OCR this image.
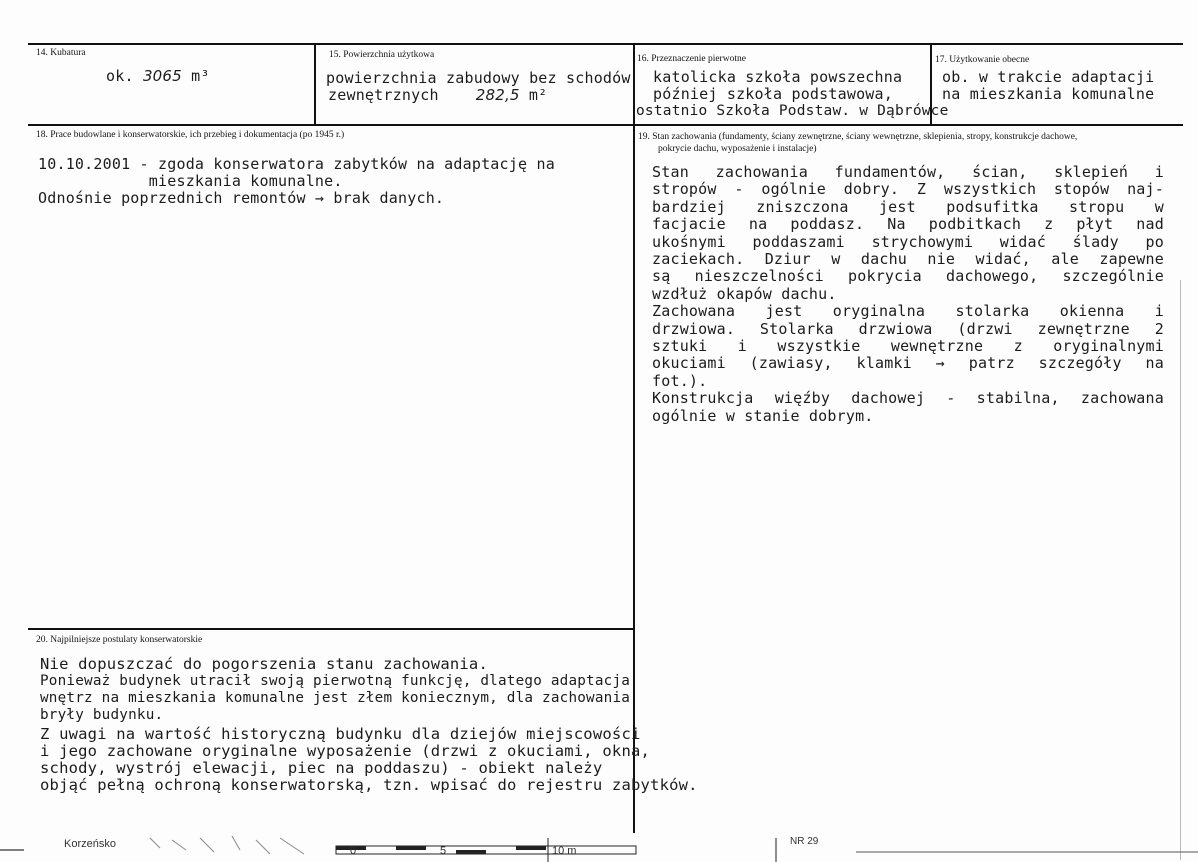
14. Kubatura
ok. 3065 m³
15. Powierzchnia użytkowa
powierzchnia zabudowy bez schodów
zewnętrznych 282,5 m²
16. Przeznaczenie pierwotne
katolicka szkoła powszechna
później szkoła podstawowa,
ostatnio Szkoła Podstaw. w Dąbrówce
17. Użytkowanie obecne
ob. w trakcie adaptacji
na mieszkania komunalne
18. Prace budowlane i konserwatorskie, ich przebieg i dokumentacja (po 1945 r.)
10.10.2001 - zgoda konserwatora zabytków na adaptację na
mieszkania komunalne.
Odnośnie poprzednich remontów → brak danych.
19. Stan zachowania (fundamenty, ściany zewnętrzne, ściany wewnętrzne, sklepienia, stropy, konstrukcje dachowe,
pokrycie dachu, wyposażenie i instalacje)
Stan zachowania fundamentów, ścian, sklepień i
stropów - ogólnie dobry. Z wszystkich stopów naj-
bardziej zniszczona jest podsufitka stropu w
facjacie na poddasz. Na podbitkach z płyt nad
ukośnymi poddaszami strychowymi widać ślady po
zaciekach. Dziur w dachu nie widać, ale zapewne
są nieszczelności pokrycia dachowego, szczególnie
wzdłuż okapów dachu.
Zachowana jest oryginalna stolarka okienna i
drzwiowa. Stolarka drzwiowa (drzwi zewnętrzne 2
sztuki i wszystkie wewnętrzne z oryginalnymi
okuciami (zawiasy, klamki → patrz szczegóły na
fot.).
Konstrukcja więźby dachowej - stabilna, zachowana
ogólnie w stanie dobrym.
20. Najpilniejsze postulaty konserwatorskie
Nie dopuszczać do pogorszenia stanu zachowania.
Ponieważ budynek utracił swoją pierwotną funkcję, dlatego adaptacja
wnętrz na mieszkania komunalne jest złem koniecznym, dla zachowania
bryły budynku.
Z uwagi na wartość historyczną budynku dla dziejów miejscowości
i jego zachowane oryginalne wyposażenie (drzwi z okuciami, okna,
schody, wystrój elewacji, piec na poddaszu) - obiekt należy
objąć pełną ochroną konserwatorską, tzn. wpisać do rejestru zabytków.
Korzeńsko
0	5	10 m
NR 29
